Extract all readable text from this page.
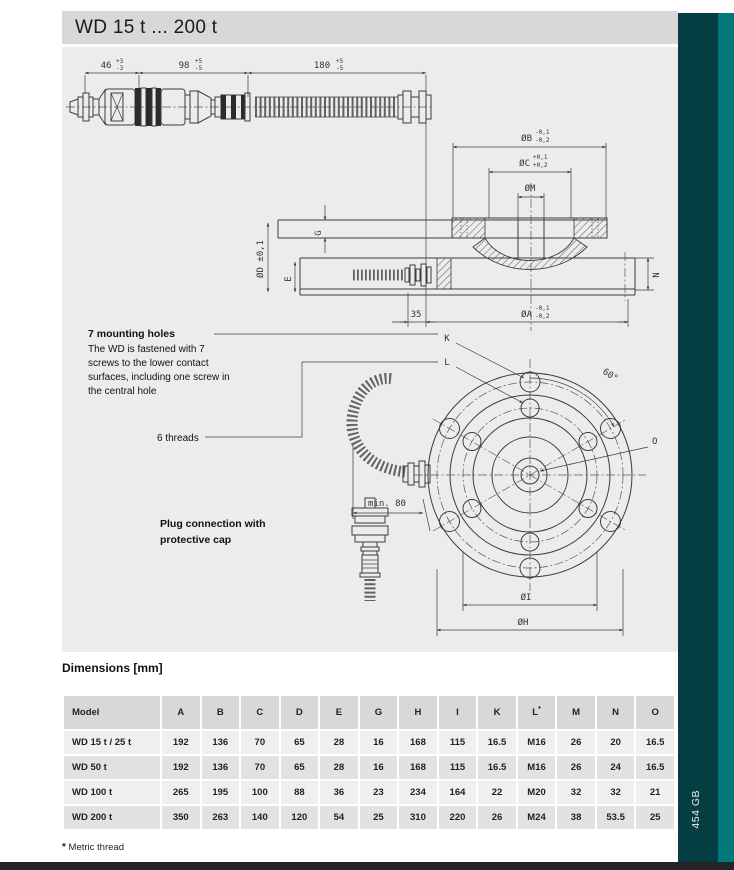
WD 15 t ... 200 t
46 +3
-3	98 +5
-5	180 +5
-5
ØB
-0,1
-0,2
ØC
+0,1
+0,2
ØM
G
E
ØD ±0,1	N
35	ØA
-0,1
-0,2
K
L
60°
O
min. 80
ØI
ØH
7 mounting holes
The WD is fastened with 7
screws to the lower contact
surfaces, including one screw in
the central hole
6 threads
Plug connection with
protective cap
454 GB
Dimensions [mm]
Model	A	B	C	D	E	G	H	I	K	L*	M	N	O
WD 15 t / 25 t	192	136	70	65	28	16	168	115	16.5	M16	26	20	16.5
WD 50 t	192	136	70	65	28	16	168	115	16.5	M16	26	24	16.5
WD 100 t	265	195	100	88	36	23	234	164	22	M20	32	32	21
WD 200 t	350	263	140	120	54	25	310	220	26	M24	38	53.5	25
* Metric thread
